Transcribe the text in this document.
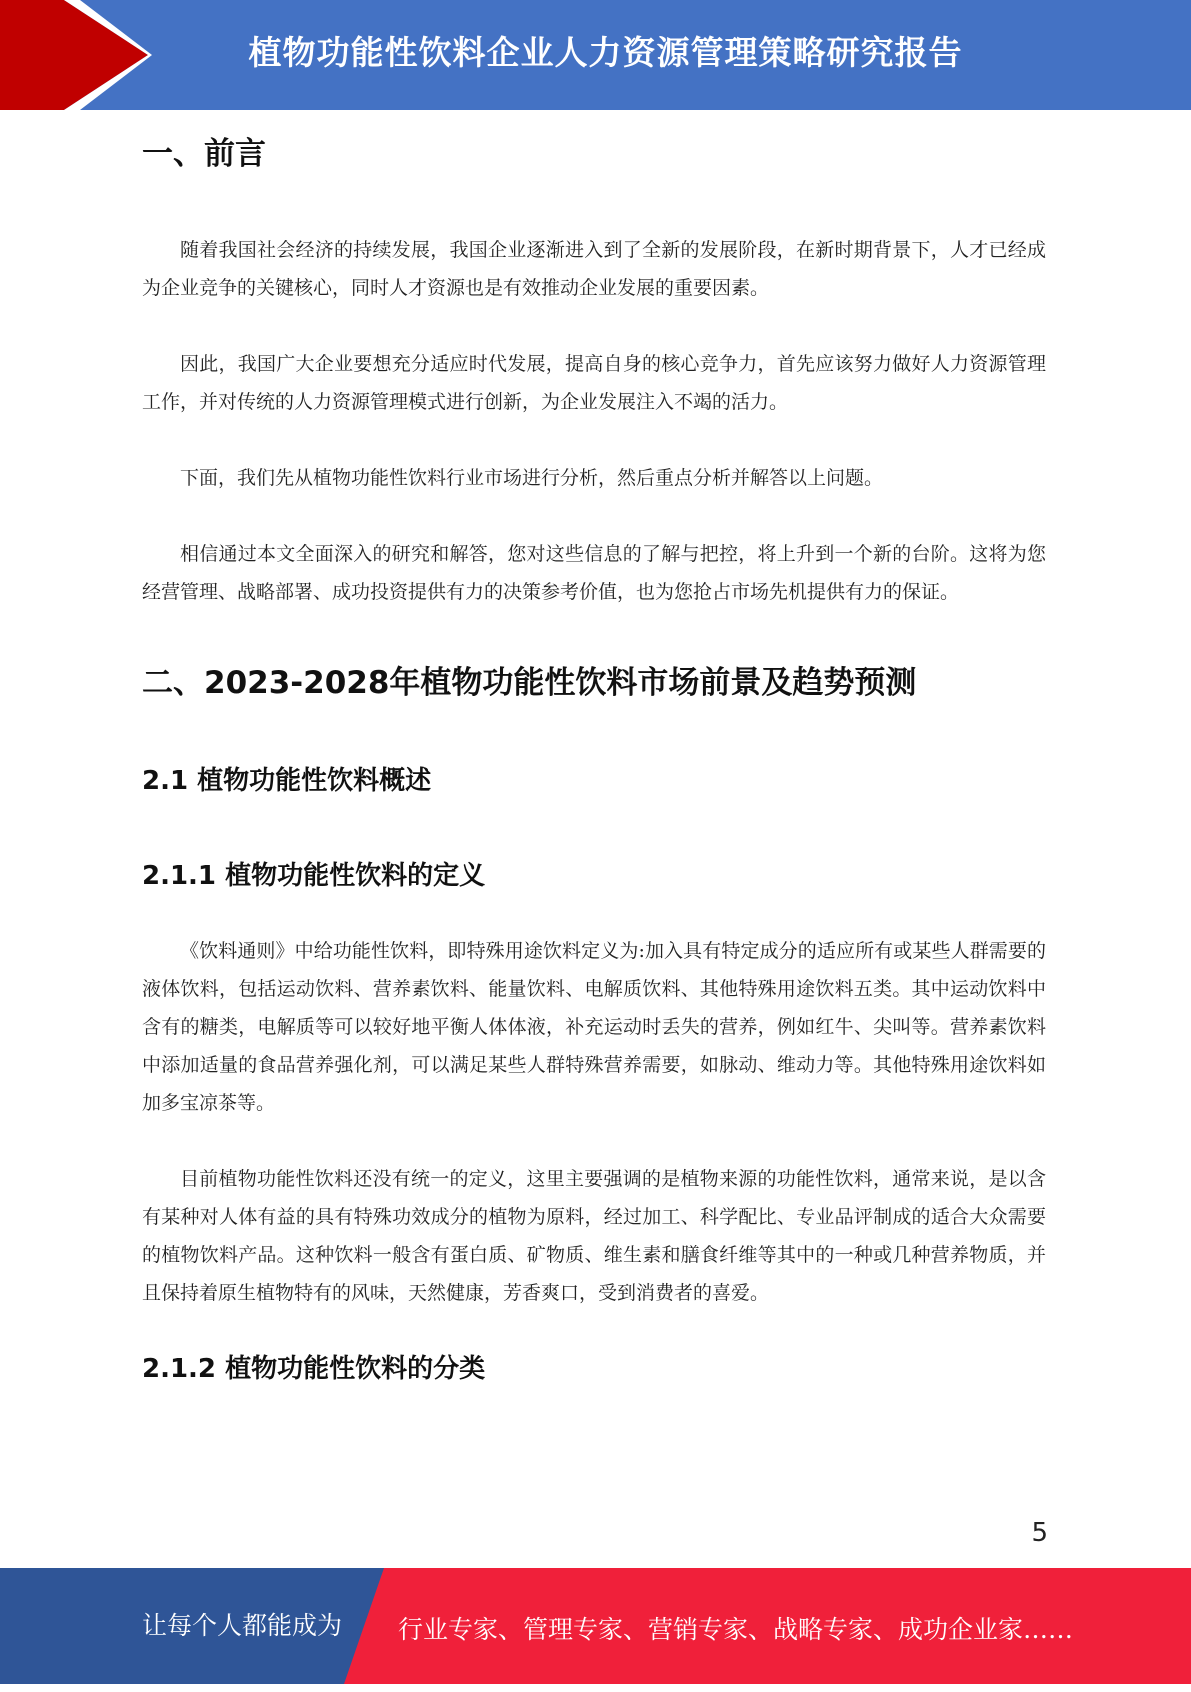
植物功能性饮料企业人力资源管理策略研究报告
一、前言

随着我国社会经济的持续发展，我国企业逐渐进入到了全新的发展阶段，在新时期背景下，人才已经成为企业竞争的关键核心，同时人才资源也是有效推动企业发展的重要因素。

因此，我国广大企业要想充分适应时代发展，提高自身的核心竞争力，首先应该努力做好人力资源管理工作，并对传统的人力资源管理模式进行创新，为企业发展注入不竭的活力。

下面，我们先从植物功能性饮料行业市场进行分析，然后重点分析并解答以上问题。

相信通过本文全面深入的研究和解答，您对这些信息的了解与把控，将上升到一个新的台阶。这将为您经营管理、战略部署、成功投资提供有力的决策参考价值，也为您抢占市场先机提供有力的保证。

二、2023-2028年植物功能性饮料市场前景及趋势预测
2.1 植物功能性饮料概述
2.1.1 植物功能性饮料的定义

《饮料通则》中给功能性饮料，即特殊用途饮料定义为:加入具有特定成分的适应所有或某些人群需要的液体饮料，包括运动饮料、营养素饮料、能量饮料、电解质饮料、其他特殊用途饮料五类。其中运动饮料中含有的糖类，电解质等可以较好地平衡人体体液，补充运动时丢失的营养，例如红牛、尖叫等。营养素饮料中添加适量的食品营养强化剂，可以满足某些人群特殊营养需要，如脉动、维动力等。其他特殊用途饮料如加多宝凉茶等。

目前植物功能性饮料还没有统一的定义，这里主要强调的是植物来源的功能性饮料，通常来说，是以含有某种对人体有益的具有特殊功效成分的植物为原料，经过加工、科学配比、专业品评制成的适合大众需要的植物饮料产品。这种饮料一般含有蛋白质、矿物质、维生素和膳食纤维等其中的一种或几种营养物质，并且保持着原生植物特有的风味，天然健康，芳香爽口，受到消费者的喜爱。

2.1.2 植物功能性饮料的分类
5
让每个人都能成为 行业专家、管理专家、营销专家、战略专家、成功企业家……
